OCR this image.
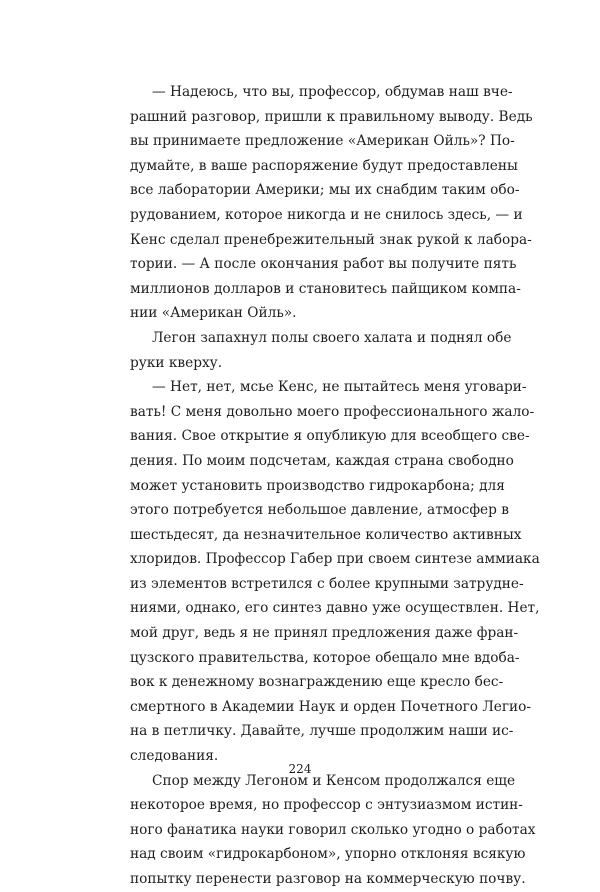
— Надеюсь, что вы, профессор, обдумав наш вче-
рашний разговор, пришли к правильному выводу. Ведь
вы принимаете предложение «Американ Ойль»? По-
думайте, в ваше распоряжение будут предоставлены
все лаборатории Америки; мы их снабдим таким обо-
рудованием, которое никогда и не снилось здесь, — и
Кенс сделал пренебрежительный знак рукой к лабора-
тории. — А после окончания работ вы получите пять
миллионов долларов и становитесь пайщиком компа-
нии «Американ Ойль».
Легон запахнул полы своего халата и поднял обе
руки кверху.
— Нет, нет, мсье Кенс, не пытайтесь меня уговари-
вать! С меня довольно моего профессионального жало-
вания. Свое открытие я опубликую для всеобщего све-
дения. По моим подсчетам, каждая страна свободно
может установить производство гидрокарбона; для
этого потребуется небольшое давление, атмосфер в
шестьдесят, да незначительное количество активных
хлоридов. Профессор Габер при своем синтезе аммиака
из элементов встретился с более крупными затрудне-
ниями, однако, его синтез давно уже осуществлен. Нет,
мой друг, ведь я не принял предложения даже фран-
цузского правительства, которое обещало мне вдоба-
вок к денежному вознаграждению еще кресло бес-
смертного в Академии Наук и орден Почетного Легио-
на в петличку. Давайте, лучше продолжим наши ис-
следования.
Спор между Легоном и Кенсом продолжался еще
некоторое время, но профессор с энтузиазмом истин-
ного фанатика науки говорил сколько угодно о работах
над своим «гидрокарбоном», упорно отклоняя всякую
попытку перенести разговор на коммерческую почву.
224
